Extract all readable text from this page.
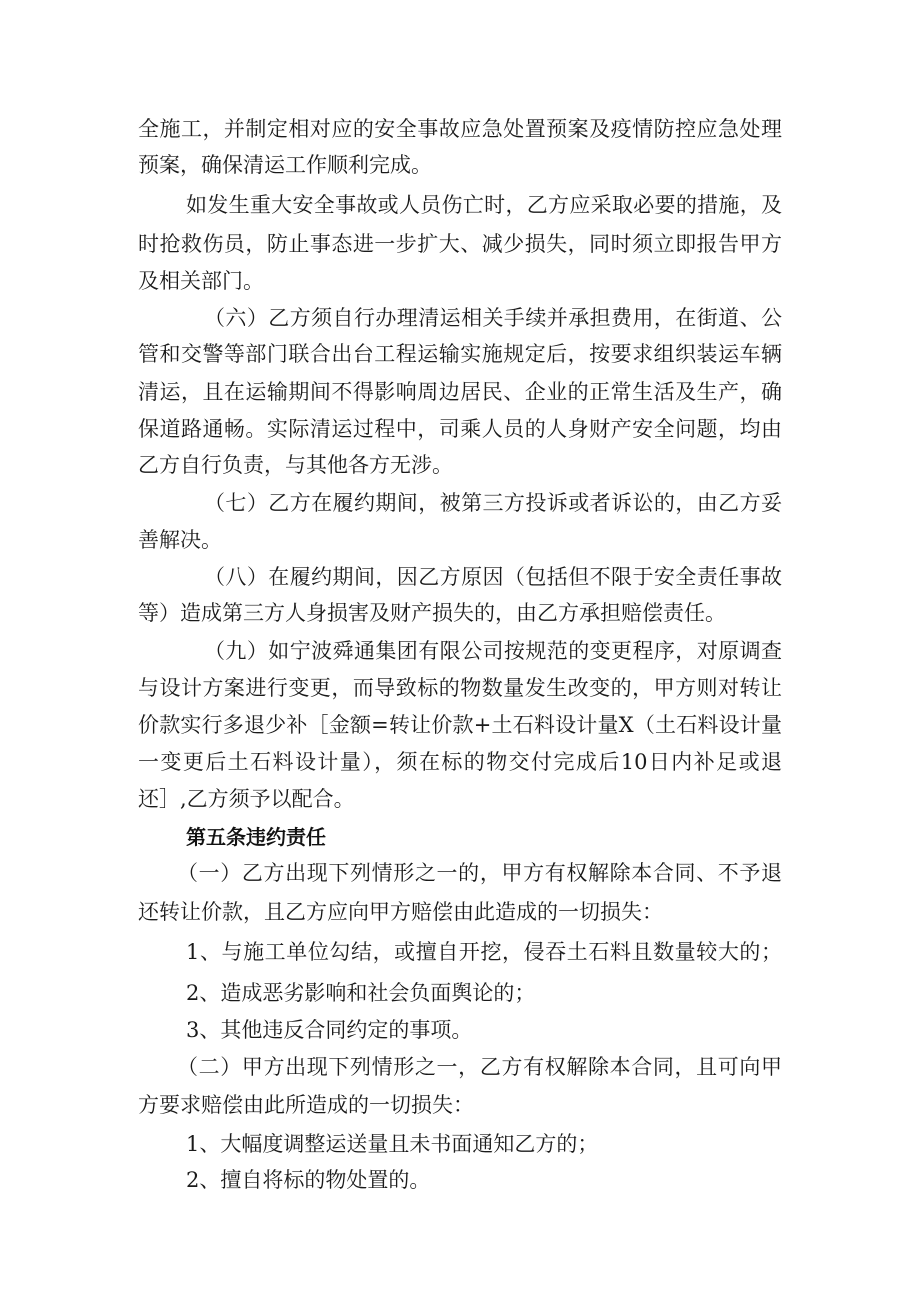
全施工，并制定相对应的安全事故应急处置预案及疫情防控应急处理

预案，确保清运工作顺利完成。

如发生重大安全事故或人员伤亡时，乙方应采取必要的措施，及

时抢救伤员，防止事态进一步扩大、减少损失，同时须立即报告甲方

及相关部门。

（六）乙方须自行办理清运相关手续并承担费用，在街道、公

管和交警等部门联合出台工程运输实施规定后，按要求组织装运车辆

清运，且在运输期间不得影响周边居民、企业的正常生活及生产，确

保道路通畅。实际清运过程中，司乘人员的人身财产安全问题，均由

乙方自行负责，与其他各方无涉。

（七）乙方在履约期间，被第三方投诉或者诉讼的，由乙方妥

善解决。

（八）在履约期间，因乙方原因（包括但不限于安全责任事故

等）造成第三方人身损害及财产损失的，由乙方承担赔偿责任。

（九）如宁波舜通集团有限公司按规范的变更程序，对原调查

与设计方案进行变更，而导致标的物数量发生改变的，甲方则对转让

价款实行多退少补［金额=转让价款+土石料设计量X（土石料设计量

一变更后土石料设计量），须在标的物交付完成后10日内补足或退

还］,乙方须予以配合。

第五条违约责任

（一）乙方出现下列情形之一的，甲方有权解除本合同、不予退

还转让价款，且乙方应向甲方赔偿由此造成的一切损失：

1、与施工单位勾结，或擅自开挖，侵吞土石料且数量较大的；

2、造成恶劣影响和社会负面舆论的；

3、其他违反合同约定的事项。

（二）甲方出现下列情形之一，乙方有权解除本合同，且可向甲

方要求赔偿由此所造成的一切损失：

1、大幅度调整运送量且未书面通知乙方的；

2、擅自将标的物处置的。
